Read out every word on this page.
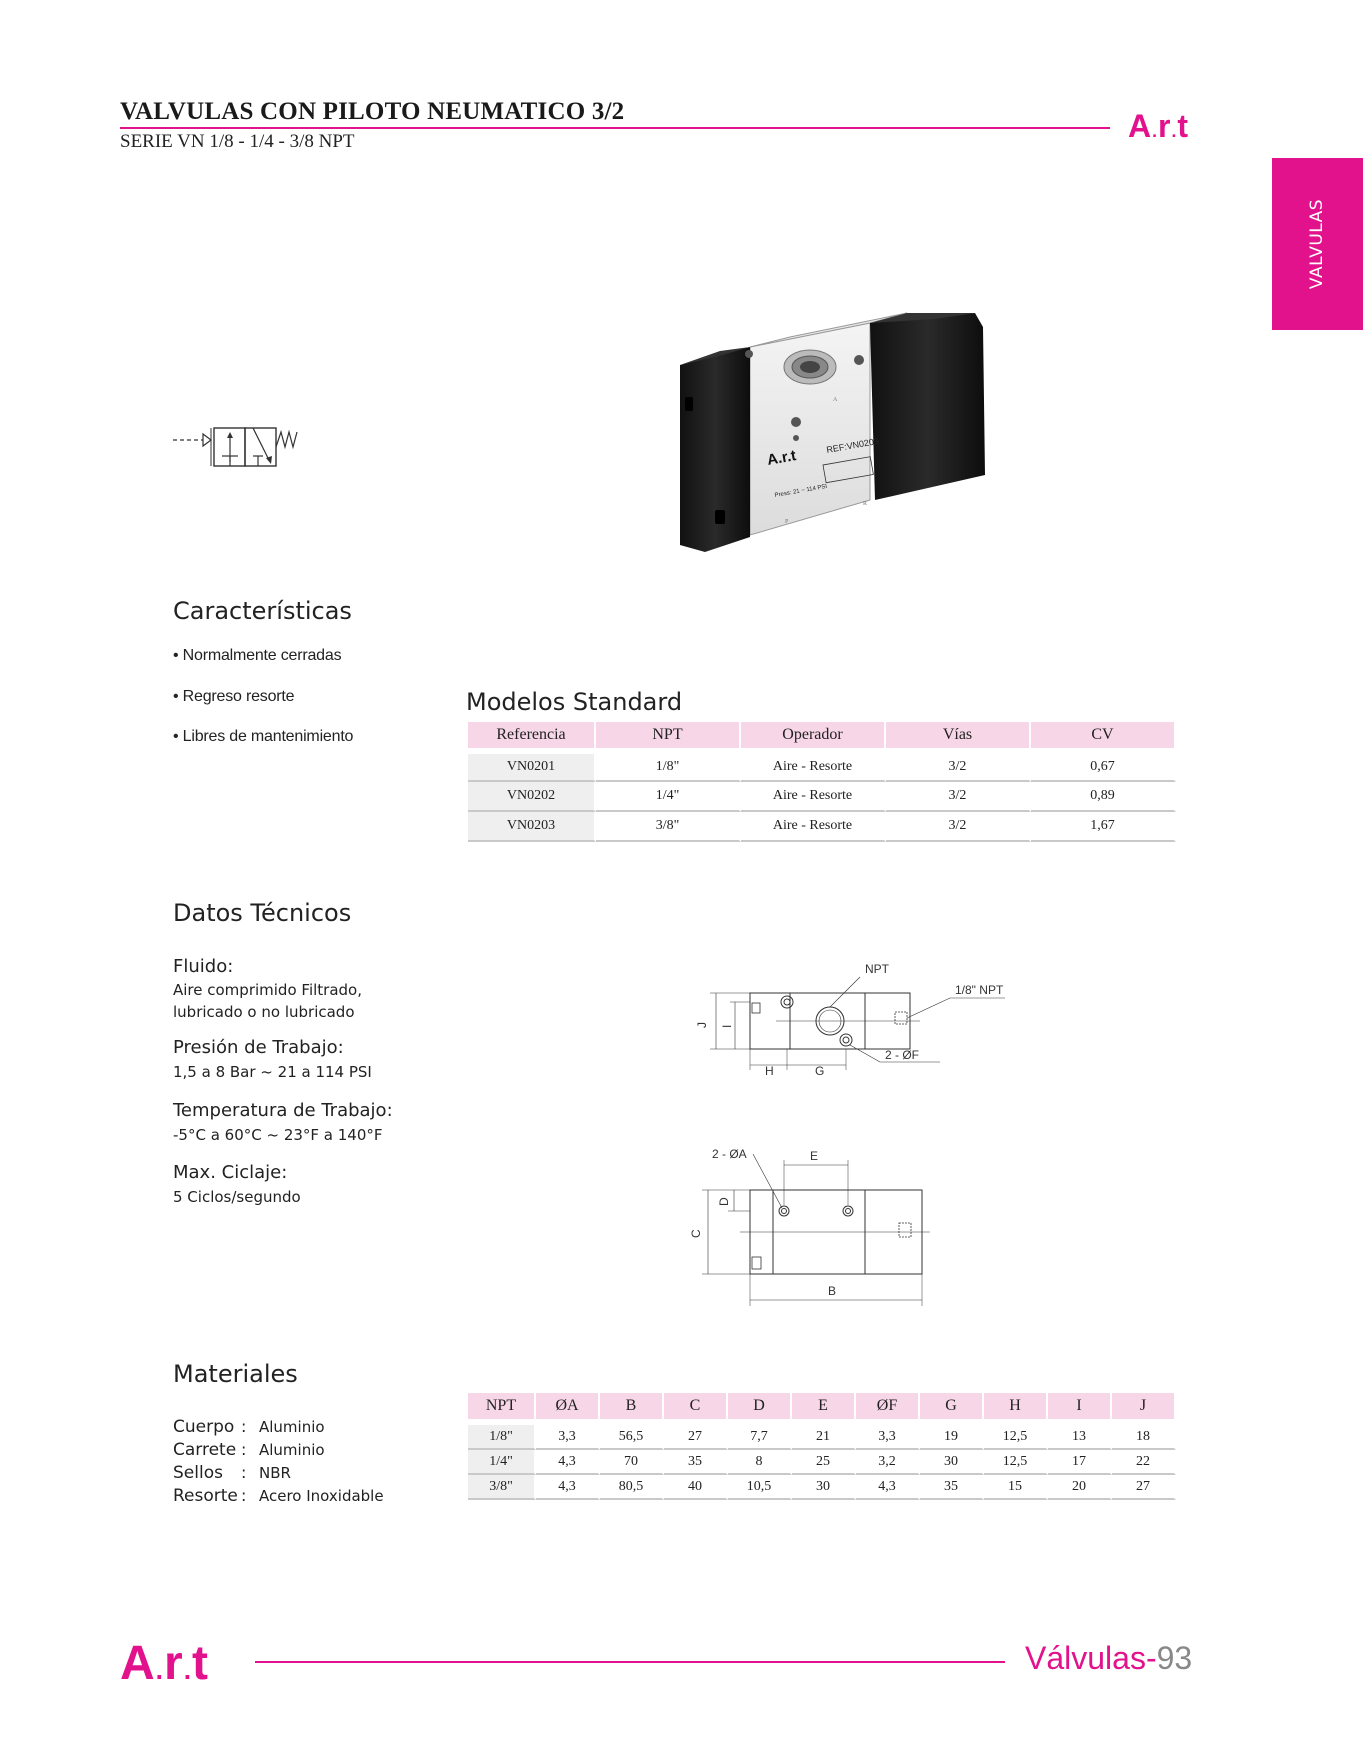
VALVULAS CON PILOTO NEUMATICO 3/2
SERIE VN 1/8 - 1/4 - 3/8 NPT	A.r.t
VALVULAS
A.r.t
REF:VN0203
Press: 21 ~ 114 PSI
A
P
R
Características
• Normalmente cerradas
• Regreso resorte
• Libres de mantenimiento
Modelos Standard
Referencia	NPT	Operador	Vías	CV

VN0201	1/8"	Aire - Resorte	3/2	0,67
VN0202	1/4"	Aire - Resorte	3/2	0,89
VN0203	3/8"	Aire - Resorte	3/2	1,67
Datos Técnicos
Fluido:
Aire comprimido Filtrado,
lubricado o no lubricado
Presión de Trabajo:
1,5 a 8 Bar ~ 21 a 114 PSI
Temperatura de Trabajo:
-5°C a 60°C ~ 23°F a 140°F
Max. Ciclaje:
5 Ciclos/segundo
J I
H	G
NPT
1/8" NPT
2 - ØF
E
2 - ØA
D
C
B
Materiales
Cuerpo : Aluminio
Carrete : Aluminio
Sellos	: NBR
Resorte : Acero Inoxidable
NPT	ØA	B	C	D	E	ØF	G	H	I	J

1/8"	3,3	56,5	27	7,7	21	3,3	19	12,5	13	18
1/4"	4,3	70	35	8	25	3,2	30	12,5	17	22
3/8"	4,3	80,5	40	10,5	30	4,3	35	15	20	27
A.r.t	Válvulas-93
